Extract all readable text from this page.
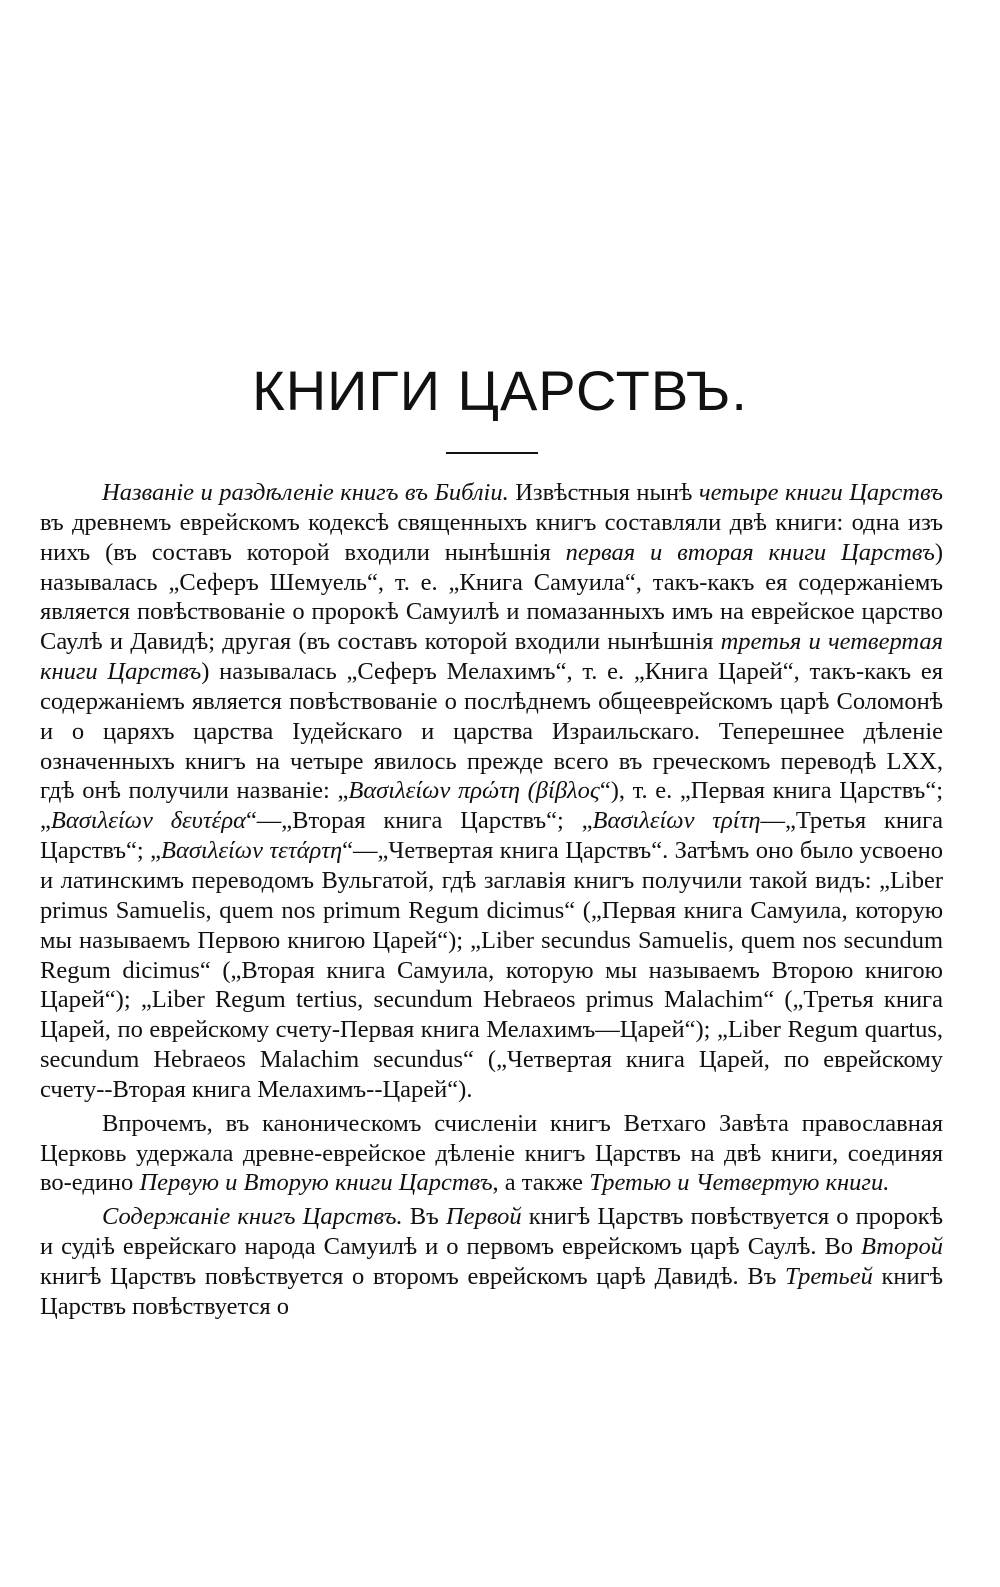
КНИГИ ЦАРСТВЪ.

Названіе и раздѣленіе книгъ въ Библіи. Извѣстныя нынѣ четыре книги Царствъ въ древнемъ еврейскомъ кодексѣ священныхъ книгъ составляли двѣ книги: одна изъ нихъ (въ составъ которой входили нынѣшнія первая и вторая книги Царствъ) называлась „Сеферъ Шемуель“, т. е. „Книга Самуила“, такъ-какъ ея содержаніемъ является повѣствованіе о пророкѣ Самуилѣ и помазанныхъ имъ на еврейское царство Саулѣ и Давидѣ; другая (въ составъ которой входили нынѣшнія третья и четвертая книги Царствъ) называлась „Сеферъ Мелахимъ“, т. е. „Книга Царей“, такъ-какъ ея содержаніемъ является повѣствованіе о послѣднемъ общееврейскомъ царѣ Соломонѣ и о царяхъ царства Іудейскаго и царства Израильскаго. Теперешнее дѣленіе означенныхъ книгъ на четыре явилось прежде всего въ греческомъ переводѣ LXX, гдѣ онѣ получили названіе: „Βασιλείων πρώτη (βίβλος“), т. е. „Первая книга Царствъ“; „Βασιλείων δευτέρα“—„Вторая книга Царствъ“; „Βασιλείων τρίτη—„Третья книга Царствъ“; „Βασιλείων τετάρτη“—„Четвертая книга Царствъ“. Затѣмъ оно было усвоено и латинскимъ переводомъ Вульгатой, гдѣ заглавія книгъ получили такой видъ: „Liber primus Samuelis, quem nos primum Regum dicimus“ („Первая книга Самуила, которую мы называемъ Первою книгою Царей“); „Liber secundus Samuelis, quem nos secundum Regum dicimus“ („Вторая книга Самуила, которую мы называемъ Второю книгою Царей“); „Liber Regum tertius, secundum Hebraeos primus Malachim“ („Третья книга Царей, по еврейскому счету-Первая книга Мелахимъ—Царей“); „Liber Regum quartus, secundum Hebraeos Malachim secundus“ („Четвертая книга Царей, по еврейскому счету--Вторая книга Мелахимъ--Царей“).

Впрочемъ, въ каноническомъ счисленіи книгъ Ветхаго Завѣта православная Церковь удержала древне-еврейское дѣленіе книгъ Царствъ на двѣ книги, соединяя во-едино Первую и Вторую книги Царствъ, а также Третью и Четвертую книги.

Содержаніе книгъ Царствъ. Въ Первой книгѣ Царствъ повѣствуется о пророкѣ и судіѣ еврейскаго народа Самуилѣ и о первомъ еврейскомъ царѣ Саулѣ. Во Второй книгѣ Царствъ повѣствуется о второмъ еврейскомъ царѣ Давидѣ. Въ Третьей книгѣ Царствъ повѣствуется о
